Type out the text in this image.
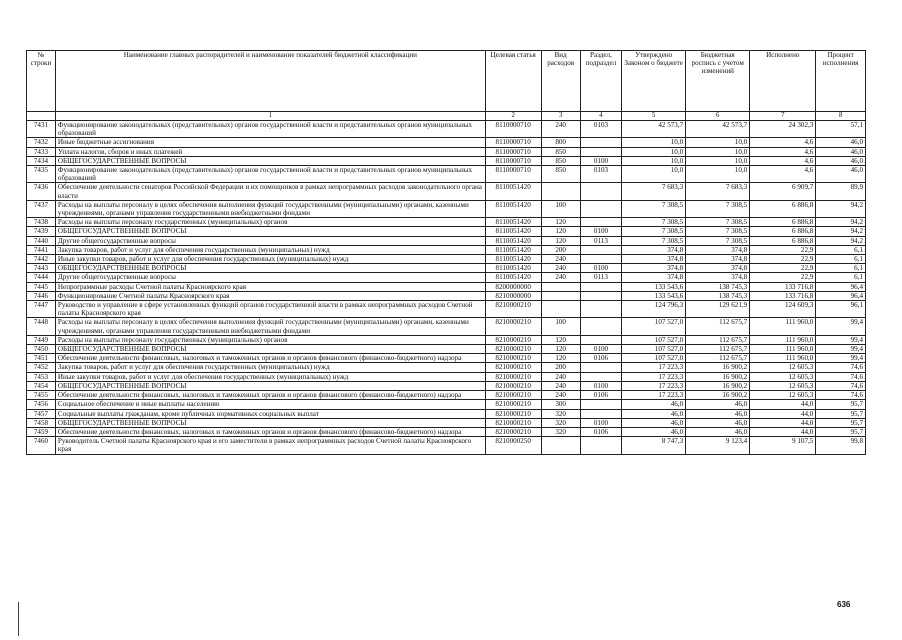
№ строки	Наименование главных распорядителей и наименование показателей бюджетной классификации	Целевая статья	Вид расходов	Раздел, подраздел	Утверждено Законом о бюджете	Бюджетная роспись с учетом изменений	Исполнено	Процент исполнения
	1	2	3	4	5	6	7	8
7431	Функционирование законодательных (представительных) органов государственной власти и представительных органов муниципальных образований	8110000710	240	0103	42 573,7	42 573,7	24 302,3	57,1
7432	Иные бюджетные ассигнования	8110000710	800		10,0	10,0	4,6	46,0
7433	Уплата налогов, сборов и иных платежей	8110000710	850		10,0	10,0	4,6	46,0
7434	ОБЩЕГОСУДАРСТВЕННЫЕ ВОПРОСЫ	8110000710	850	0100	10,0	10,0	4,6	46,0
7435	Функционирование законодательных (представительных) органов государственной власти и представительных органов муниципальных образований	8110000710	850	0103	10,0	10,0	4,6	46,0
7436	Обеспечение деятельности сенаторов Российской Федерации и их помощников в рамках непрограммных расходов законодательного органа власти	8110051420			7 683,3	7 683,3	6 909,7	89,9
7437	Расходы на выплаты персоналу в целях обеспечения выполнения функций государственными (муниципальными) органами, казенными учреждениями, органами управления государственными внебюджетными фондами	8110051420	100		7 308,5	7 308,5	6 886,8	94,2
7438	Расходы на выплаты персоналу государственных (муниципальных) органов	8110051420	120		7 308,5	7 308,5	6 886,8	94,2
7439	ОБЩЕГОСУДАРСТВЕННЫЕ ВОПРОСЫ	8110051420	120	0100	7 308,5	7 308,5	6 886,8	94,2
7440	Другие общегосударственные вопросы	8110051420	120	0113	7 308,5	7 308,5	6 886,8	94,2
7441	Закупка товаров, работ и услуг для обеспечения государственных (муниципальных) нужд	8110051420	200		374,8	374,8	22,9	6,1
7442	Иные закупки товаров, работ и услуг для обеспечения государственных (муниципальных) нужд	8110051420	240		374,8	374,8	22,9	6,1
7443	ОБЩЕГОСУДАРСТВЕННЫЕ ВОПРОСЫ	8110051420	240	0100	374,8	374,8	22,9	6,1
7444	Другие общегосударственные вопросы	8110051420	240	0113	374,8	374,8	22,9	6,1
7445	Непрограммные расходы Счетной палаты Красноярского края	8200000000			133 543,6	138 745,3	133 716,8	96,4
7446	Функционирование Счетной палаты Красноярского края	8210000000			133 543,6	138 745,3	133 716,8	96,4
7447	Руководство и управление в сфере установленных функций органов государственной власти в рамках непрограммных расходов Счетной палаты Красноярского края	8210000210			124 796,3	129 621,9	124 609,3	96,1
7448	Расходы на выплаты персоналу в целях обеспечения выполнения функций государственными (муниципальными) органами, казенными учреждениями, органами управления государственными внебюджетными фондами	8210000210	100		107 527,0	112 675,7	111 960,0	99,4
7449	Расходы на выплаты персоналу государственных (муниципальных) органов	8210000210	120		107 527,0	112 675,7	111 960,0	99,4
7450	ОБЩЕГОСУДАРСТВЕННЫЕ ВОПРОСЫ	8210000210	120	0100	107 527,0	112 675,7	111 960,0	99,4
7451	Обеспечение деятельности финансовых, налоговых и таможенных органов и органов финансового (финансово-бюджетного) надзора	8210000210	120	0106	107 527,0	112 675,7	111 960,0	99,4
7452	Закупка товаров, работ и услуг для обеспечения государственных (муниципальных) нужд	8210000210	200		17 223,3	16 900,2	12 605,3	74,6
7453	Иные закупки товаров, работ и услуг для обеспечения государственных (муниципальных) нужд	8210000210	240		17 223,3	16 900,2	12 605,3	74,6
7454	ОБЩЕГОСУДАРСТВЕННЫЕ ВОПРОСЫ	8210000210	240	0100	17 223,3	16 900,2	12 605,3	74,6
7455	Обеспечение деятельности финансовых, налоговых и таможенных органов и органов финансового (финансово-бюджетного) надзора	8210000210	240	0106	17 223,3	16 900,2	12 605,3	74,6
7456	Социальное обеспечение и иные выплаты населению	8210000210	300		46,0	46,0	44,0	95,7
7457	Социальные выплаты гражданам, кроме публичных нормативных социальных выплат	8210000210	320		46,0	46,0	44,0	95,7
7458	ОБЩЕГОСУДАРСТВЕННЫЕ ВОПРОСЫ	8210000210	320	0100	46,0	46,0	44,0	95,7
7459	Обеспечение деятельности финансовых, налоговых и таможенных органов и органов финансового (финансово-бюджетного) надзора	8210000210	320	0106	46,0	46,0	44,0	95,7
7460	Руководитель Счетной палаты Красноярского края и его заместители в рамках непрограммных расходов Счетной палаты Красноярского края	8210000250			8 747,3	9 123,4	9 107,5	99,8
636
